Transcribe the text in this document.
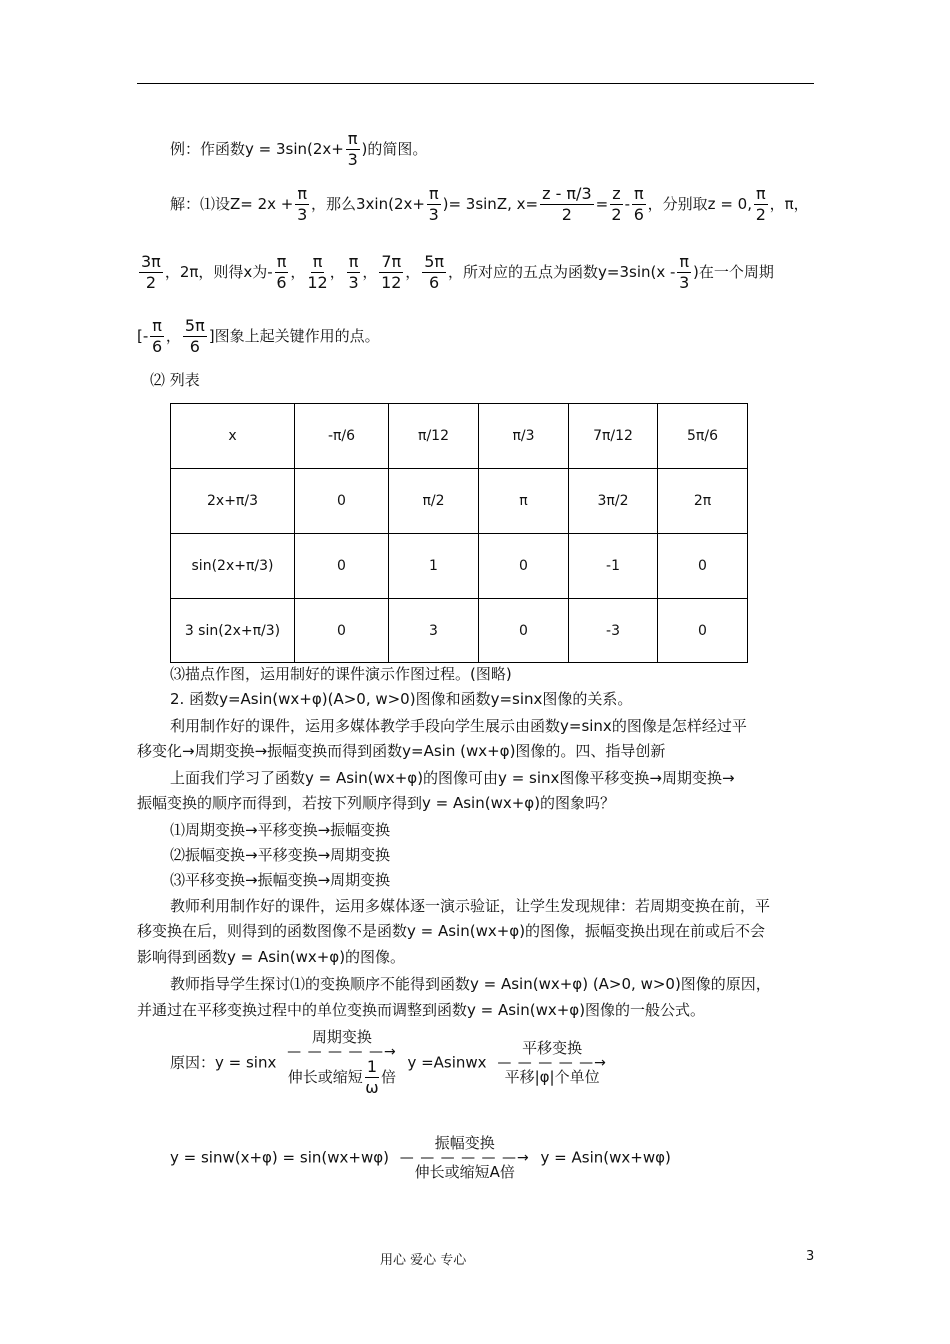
例：作函数$y = 3\sin(2x+ \frac{\pi}{3}$ )的简图。
解：⑴设$Z= 2x + \frac{\pi}{3}$ ，那么$3xin(2x+ \frac{\pi}{3}$ )= 3sinZ, $x= \frac{z - \pi/3}{2} = \frac{z}{2} - \frac{\pi}{6}$ ，分别取z = 0, $\frac{\pi}{2}$ ，π，
$\frac{3\pi}{2}$ ，2π，则得x为- $\frac{\pi}{6}$ ， $\frac{\pi}{12}$ ， $\frac{\pi}{3}$ ， $\frac{7\pi}{12}$ ， $\frac{5\pi}{6}$ ，所对应的五点为函数$y=3\sin(x - \frac{\pi}{3}$ )在一个周期
[- $\frac{\pi}{6}$ ， $\frac{5\pi}{6}$ ]图象上起关键作用的点。
⑵ 列表
x	-π/6	π/12	π/3	7π/12	5π/6
2x+π/3	0	π/2	π	3π/2	2π
sin(2x+π/3)	0	1	0	-1	0
3 sin(2x+π/3)	0	3	0	-3	0
⑶描点作图，运用制好的课件演示作图过程。(图略)
2. 函数y=Asin(wx+φ)(A>0, w>0)图像和函数y=sinx图像的关系。
利用制作好的课件，运用多媒体教学手段向学生展示由函数y=sinx的图像是怎样经过平
移变化→周期变换→振幅变换而得到函数y=Asin (wx+φ)图像的。四、指导创新
上面我们学习了函数y = Asin(wx+φ)的图像可由y = sinx图像平移变换→周期变换→
振幅变换的顺序而得到，若按下列顺序得到y = Asin(wx+φ)的图象吗？
⑴周期变换→平移变换→振幅变换
⑵振幅变换→平移变换→周期变换
⑶平移变换→振幅变换→周期变换
教师利用制作好的课件，运用多媒体逐一演示验证，让学生发现规律：若周期变换在前，平
移变换在后，则得到的函数图像不是函数y = Asin(wx+φ)的图像，振幅变换出现在前或后不会
影响得到函数y = Asin(wx+φ)的图像。
教师指导学生探讨⑴的变换顺序不能得到函数y = Asin(wx+φ) (A>0, w>0)图像的原因，
并通过在平移变换过程中的单位变换而调整到函数y = Asin(wx+φ)图像的一般公式。
原因：y = sinx
周期变换
— — — — —→
伸长或缩短 $\frac{1}{\omega}$ 倍
y =Asinwx
平移变换
— — — — —→
平移|φ|个单位
y = sinw(x+φ) = sin(wx+wφ)
振幅变换
— — — — — —→
伸长或缩短A倍
y = Asin(wx+wφ)
用心 爱心 专心	3
